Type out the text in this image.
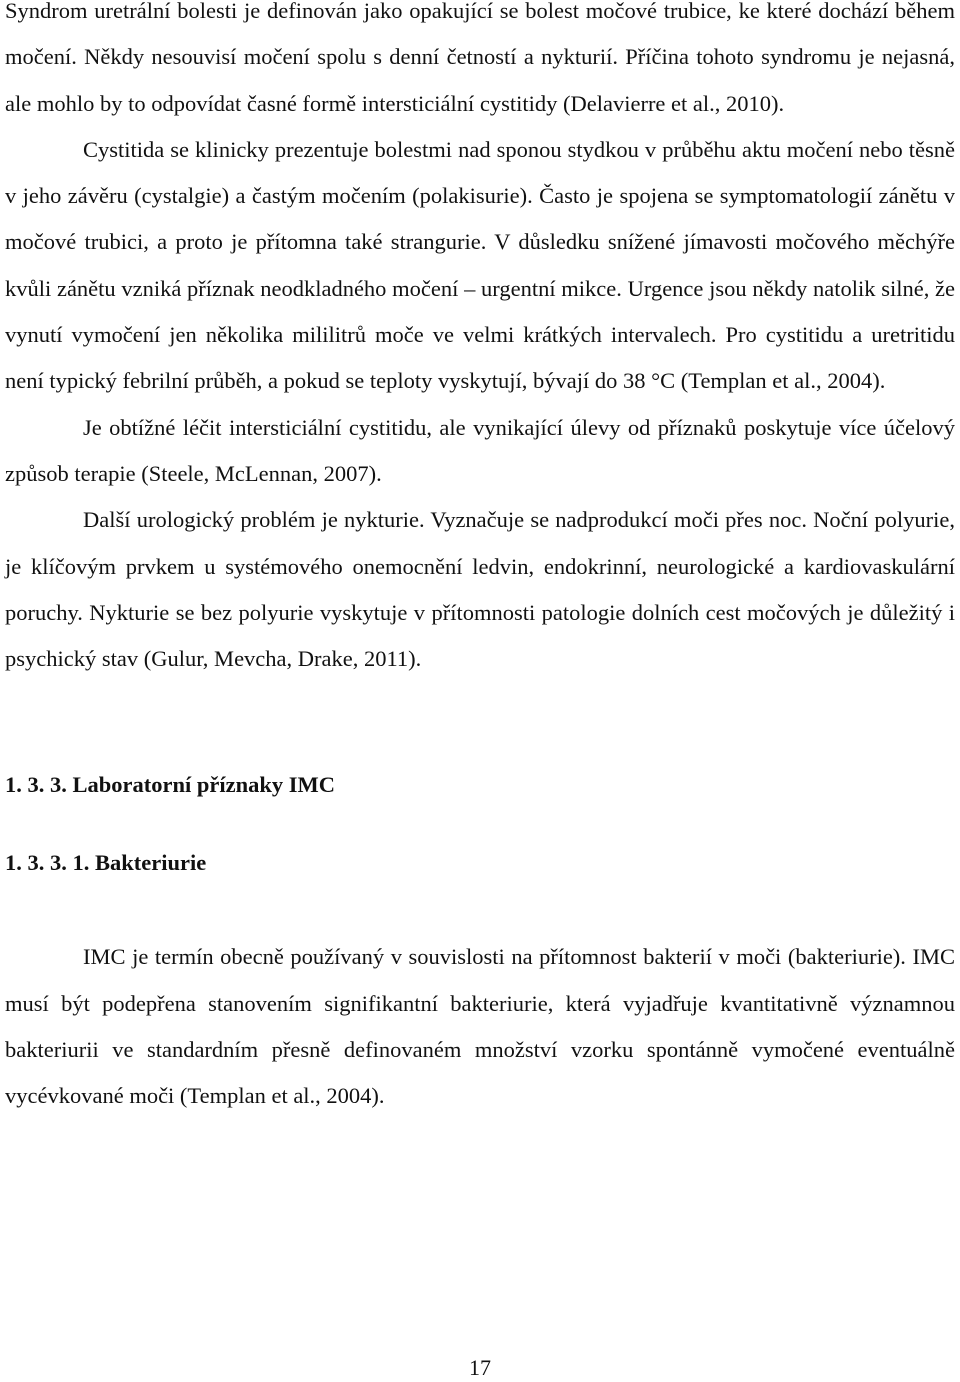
Syndrom uretrální bolesti je definován jako opakující se bolest močové trubice, ke které dochází během močení. Někdy nesouvisí močení spolu s denní četností a nykturií. Příčina tohoto syndromu je nejasná, ale mohlo by to odpovídat časné formě intersticiální cystitidy (Delavierre et al., 2010).

Cystitida se klinicky prezentuje bolestmi nad sponou stydkou v průběhu aktu močení nebo těsně v jeho závěru (cystalgie) a častým močením (polakisurie). Často je spojena se symptomatologií zánětu v močové trubici, a proto je přítomna také strangurie. V důsledku snížené jímavosti močového měchýře kvůli zánětu vzniká příznak neodkladného močení – urgentní mikce. Urgence jsou někdy natolik silné, že vynutí vymočení jen několika mililitrů moče ve velmi krátkých intervalech. Pro cystitidu a uretritidu není typický febrilní průběh, a pokud se teploty vyskytují, bývají do 38 °C (Templan et al., 2004).

Je obtížné léčit intersticiální cystitidu, ale vynikající úlevy od příznaků poskytuje více účelový způsob terapie (Steele, McLennan, 2007).

Další urologický problém je nykturie. Vyznačuje se nadprodukcí moči přes noc. Noční polyurie, je klíčovým prvkem u systémového onemocnění ledvin, endokrinní, neurologické a kardiovaskulární poruchy. Nykturie se bez polyurie vyskytuje v přítomnosti patologie dolních cest močových je důležitý i psychický stav (Gulur, Mevcha, Drake, 2011).

1. 3. 3. Laboratorní příznaky IMC
1. 3. 3. 1. Bakteriurie

IMC je termín obecně používaný v souvislosti na přítomnost bakterií v moči (bakteriurie). IMC musí být podepřena stanovením signifikantní bakteriurie, která vyjadřuje kvantitativně významnou bakteriurii ve standardním přesně definovaném množství vzorku spontánně vymočené eventuálně vycévkované moči (Templan et al., 2004).

17
